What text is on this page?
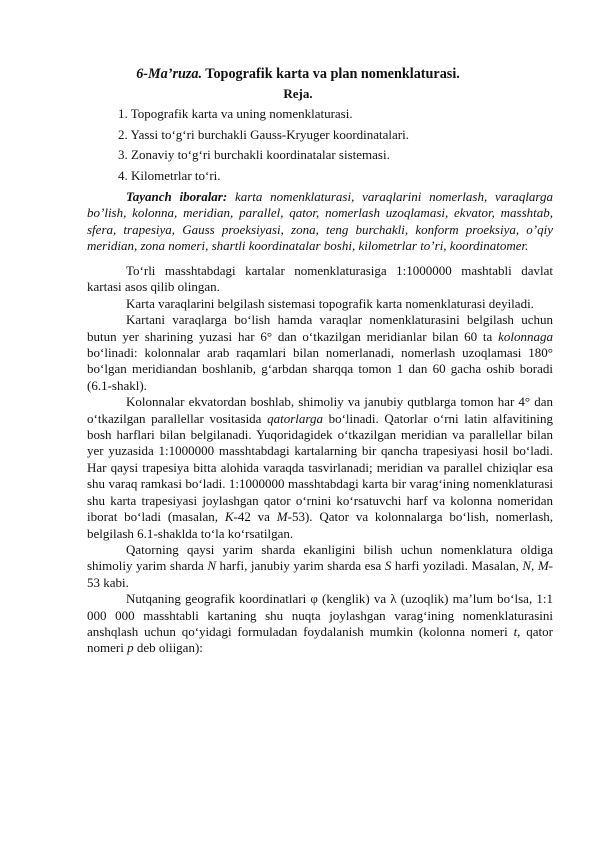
6-Ma’ruza. Topografik karta va plan nomenklaturasi.
Reja.
1. Topografik karta va uning nomenklaturasi.
2. Yassi to‘g‘ri burchakli Gauss-Kryuger koordinatalari.
3. Zonaviy to‘g‘ri burchakli koordinatalar sistemasi.
4. Kilometrlar to‘ri.

Tayanch iboralar: karta nomenklaturasi, varaqlarini nomerlash, varaqlarga bo’lish, kolonna, meridian, parallel, qator, nomerlash uzoqlamasi, ekvator, masshtab, sfera, trapesiya, Gauss proeksiyasi, zona, teng burchakli, konform proeksiya, o’qiy meridian, zona nomeri, shartli koordinatalar boshi, kilometrlar to’ri, koordinatomer.

To‘rli masshtabdagi kartalar nomenklaturasiga 1:1000000 mashtabli davlat kartasi asos qilib olingan.

Karta varaqlarini belgilash sistemasi topografik karta nomenklaturasi deyiladi.

Kartani varaqlarga bo‘lish hamda varaqlar nomenklaturasini belgilash uchun butun yer sharining yuzasi har 6° dan o‘tkazilgan meridianlar bilan 60 ta kolonnaga bo‘linadi: kolonnalar arab raqamlari bilan nomerlanadi, nomerlash uzoqlamasi 180° bo‘lgan meridiandan boshlanib, g‘arbdan sharqqa tomon 1 dan 60 gacha oshib boradi (6.1-shakl).

Kolonnalar ekvatordan boshlab, shimoliy va janubiy qutblarga tomon har 4° dan o‘tkazilgan parallellar vositasida qatorlarga bo‘linadi. Qatorlar o‘rni latin alfavitining bosh harflari bilan belgilanadi. Yuqoridagidek o‘tkazilgan meridian va parallellar bilan yer yuzasida 1:1000000 masshtabdagi kartalarning bir qancha trapesiyasi hosil bo‘ladi. Har qaysi trapesiya bitta alohida varaqda tasvirlanadi; meridian va parallel chiziqlar esa shu varaq ramkasi bo‘ladi. 1:1000000 masshtabdagi karta bir varag‘ining nomenklaturasi shu karta trapesiyasi joylashgan qator o‘rnini ko‘rsatuvchi harf va kolonna nomeridan iborat bo‘ladi (masalan, K-42 va M-53). Qator va kolonnalarga bo‘lish, nomerlash, belgilash 6.1-shaklda to‘la ko‘rsatilgan.

Qatorning qaysi yarim sharda ekanligini bilish uchun nomenklatura oldiga shimoliy yarim sharda N harfi, janubiy yarim sharda esa S harfi yoziladi. Masalan, N, M-53 kabi.

Nutqaning geografik koordinatlari φ (kenglik) va λ (uzoqlik) ma’lum bo‘lsa, 1:1 000 000 masshtabli kartaning shu nuqta joylashgan varag‘ining nomenklaturasini anshqlash uchun qo‘yidagi formuladan foydalanish mumkin (kolonna nomeri t, qator nomeri p deb oliigan):
